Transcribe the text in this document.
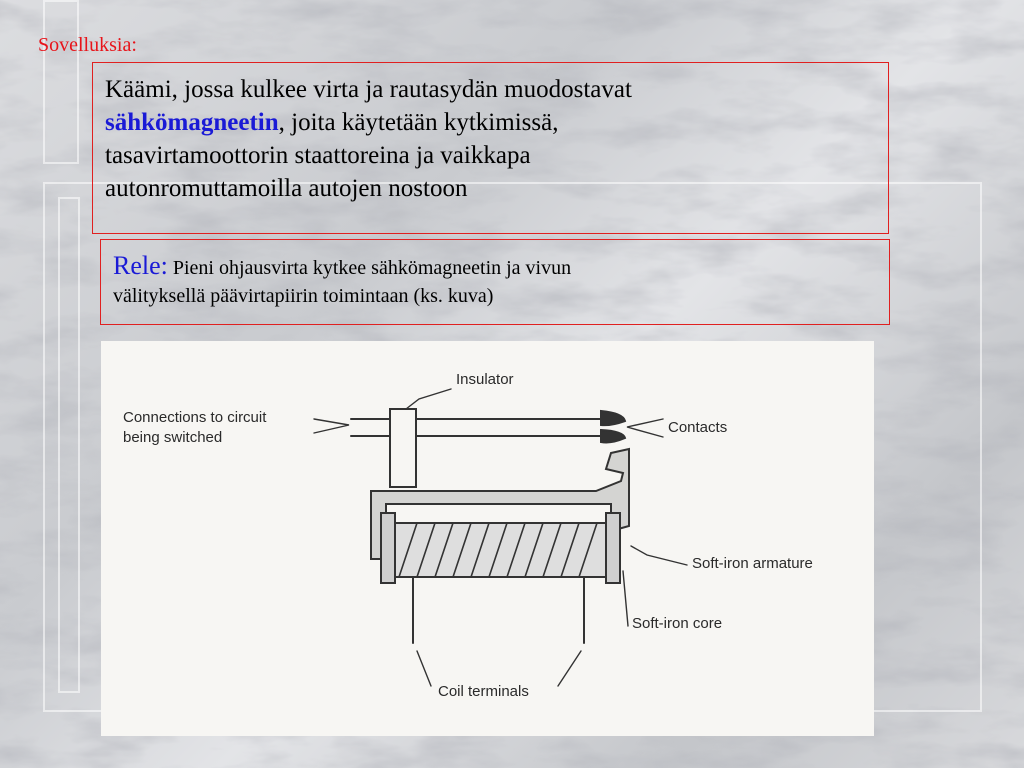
Sovelluksia:
Käämi, jossa kulkee virta ja rautasydän muodostavat
sähkömagneetin, joita käytetään kytkimissä,
tasavirtamoottorin staattoreina ja vaikkapa
autonromuttamoilla autojen nostoon
Rele: Pieni ohjausvirta kytkee sähkömagneetin ja vivun
välityksellä päävirtapiirin toimintaan (ks. kuva)
Insulator
Connections to circuit
being switched
Contacts
Soft-iron armature
Soft-iron core
Coil terminals
